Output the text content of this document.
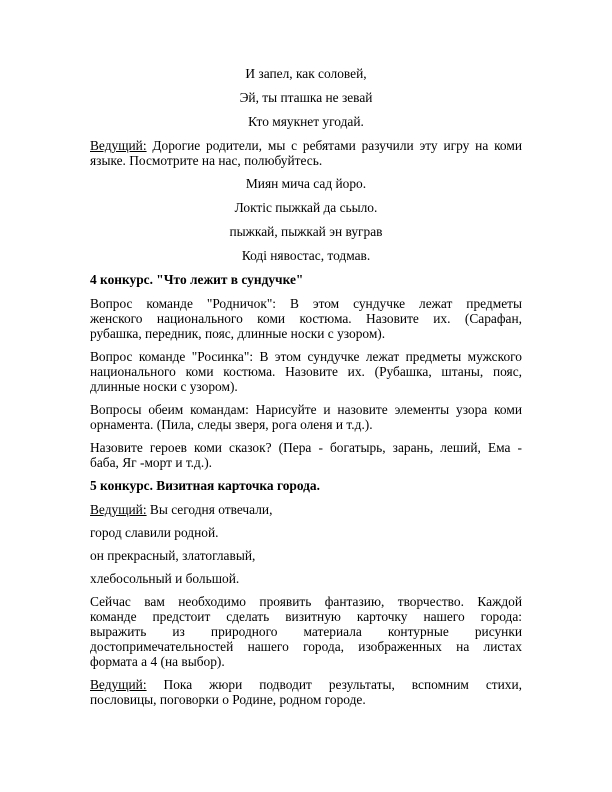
И запел, как соловей,

Эй, ты пташка не зевай

Кто мяукнет угодай.

Ведущий: Дорогие родители, мы с ребятами разучили эту игру на коми

языке. Посмотрите на нас, полюбуйтесь.

Миян мича сад йоро.

Локтiс пыжкай да сьыло.

пыжкай, пыжкай эн вуграв

Кодi нявостас, тодмав.

4 конкурс. "Что лежит в сундучке"

Вопрос команде "Родничок": В этом сундучке лежат предметы

женского национального коми костюма. Назовите их. (Сарафан,

рубашка, передник, пояс, длинные носки с узором).

Вопрос команде "Росинка": В этом сундучке лежат предметы мужского

национального коми костюма. Назовите их. (Рубашка, штаны, пояс,

длинные носки с узором).

Вопросы обеим командам: Нарисуйте и назовите элементы узора коми

орнамента. (Пила, следы зверя, рога оленя и т.д.).

Назовите героев коми сказок? (Пера - богатырь, зарань, леший, Ема -

баба, Яг -морт и т.д.).

5 конкурс. Визитная карточка города.

Ведущий: Вы сегодня отвечали,

город славили родной.

он прекрасный, златоглавый,

хлебосольный и большой.

Сейчас вам необходимо проявить фантазию, творчество. Каждой

команде предстоит сделать визитную карточку нашего города:

выражить из природного материала контурные рисунки

достопримечательностей нашего города, изображенных на листах

формата а 4 (на выбор).

Ведущий: Пока жюри подводит результаты, вспомним стихи,

пословицы, поговорки о Родине, родном городе.
